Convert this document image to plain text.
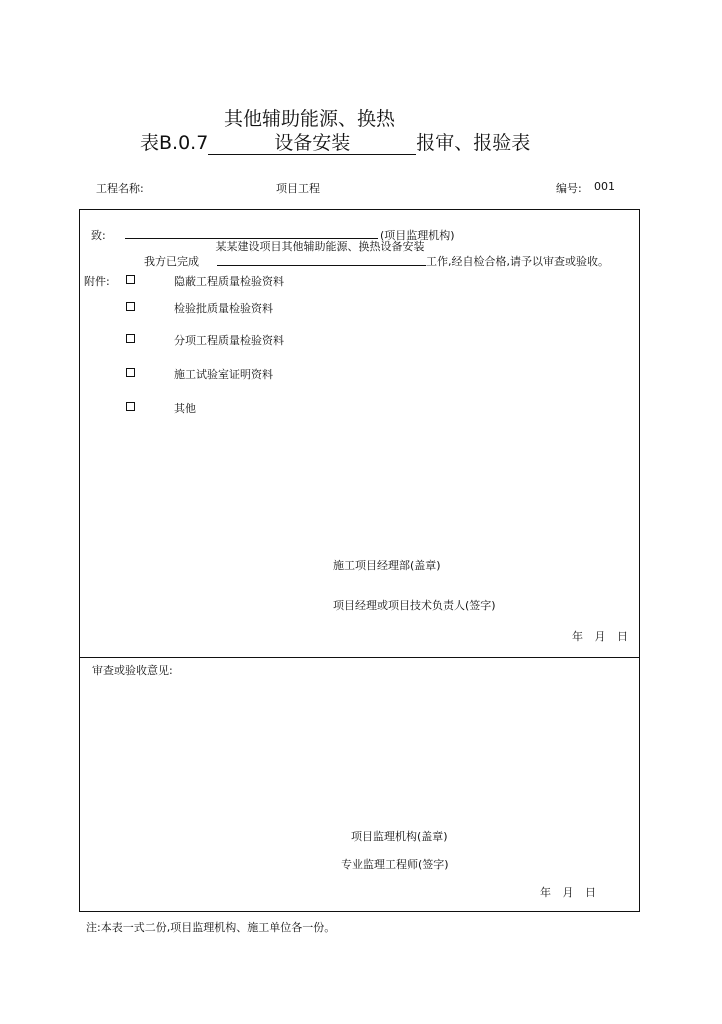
其他辅助能源、换热
表B.0.7	设备安装	报审、报验表
工程名称:	项目工程	编号: 001
致:	(项目监理机构)
我方已完成
某某建设项目其他辅助能源、换热设备安装
工作,经自检合格,请予以审查或验收。
附件:	隐蔽工程质量检验资料
检验批质量检验资料
分项工程质量检验资料
施工试验室证明资料
其他
施工项目经理部(盖章)
项目经理或项目技术负责人(签字)
年 月 日
审查或验收意见:
项目监理机构(盖章)
专业监理工程师(签字)
年 月 日
注:本表一式二份,项目监理机构、施工单位各一份。
